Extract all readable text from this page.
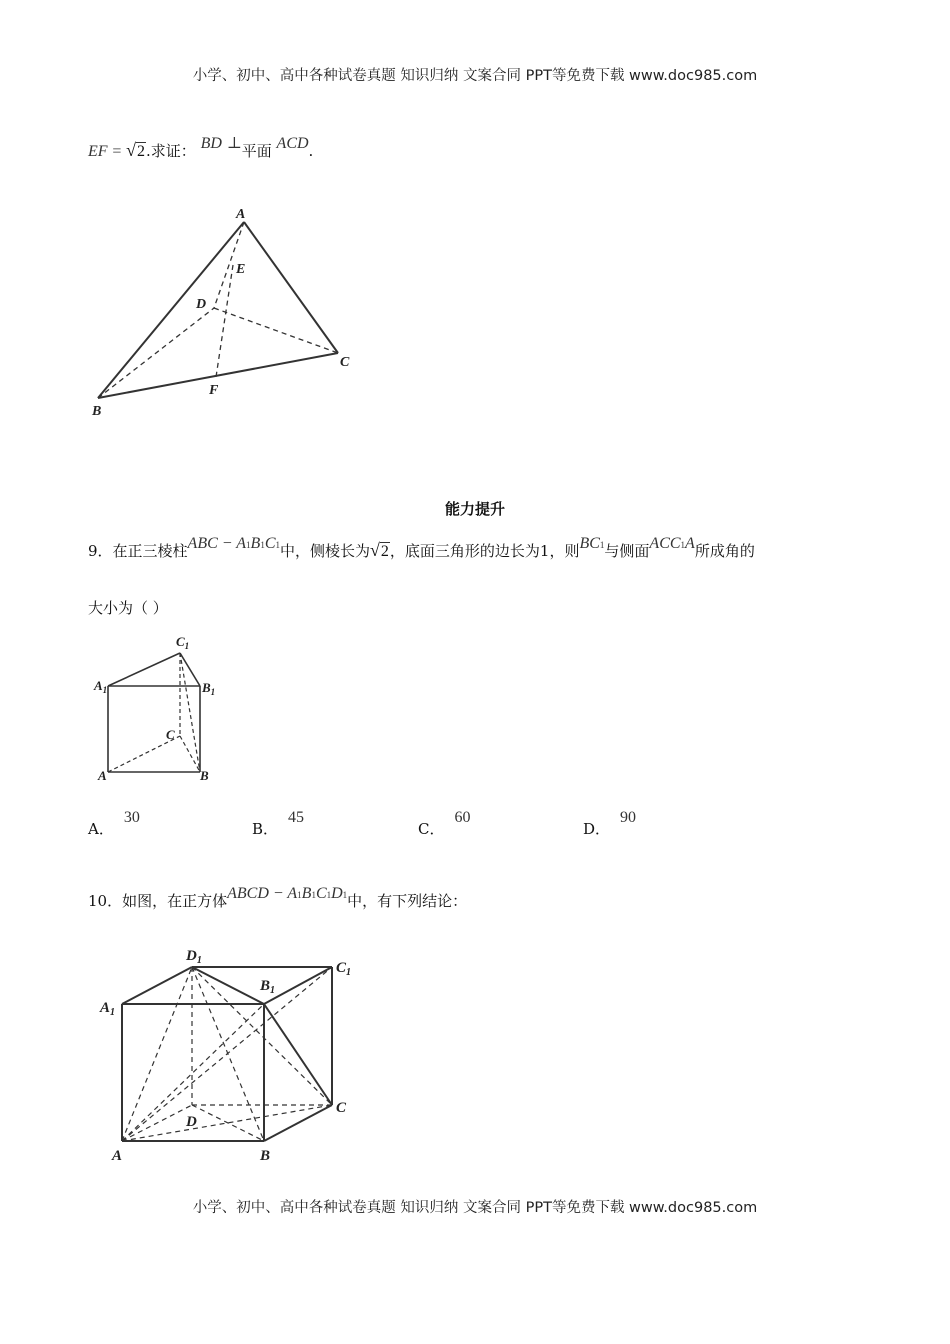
小学、初中、高中各种试卷真题 知识归纳 文案合同 PPT等免费下载 www.doc985.com
EF = √2.求证： BD ⊥平面 ACD.
A
E
D
C
F
B
能力提升
9．在正三棱柱ABC − A1B1C1中，侧棱长为√2，底面三角形的边长为1，则BC1与侧面ACC1A所成角的
大小为（ ）
$C_1$
$A_1$	$B_1$
C
A	B
A．30
B．45
C．60
D．90
10．如图，在正方体ABCD − A1B1C1D1中，有下列结论：
$D_1$	$C_1$
$A_1$
$B_1$
C
D
A	B
小学、初中、高中各种试卷真题 知识归纳 文案合同 PPT等免费下载 www.doc985.com
